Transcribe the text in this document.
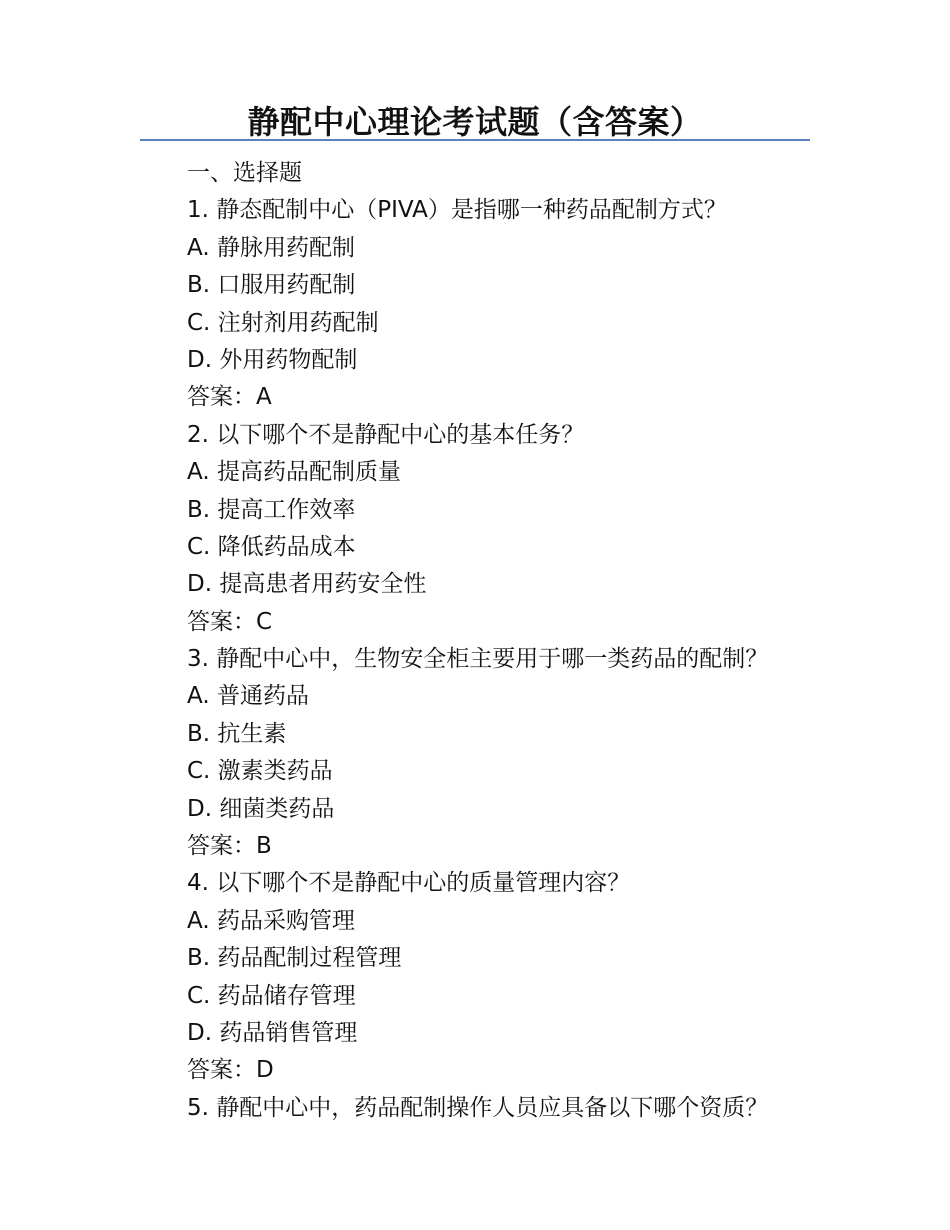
静配中心理论考试题（含答案）

一、选择题

1. 静态配制中心（PIVA）是指哪一种药品配制方式？

A. 静脉用药配制

B. 口服用药配制

C. 注射剂用药配制

D. 外用药物配制

答案：A

2. 以下哪个不是静配中心的基本任务？

A. 提高药品配制质量

B. 提高工作效率

C. 降低药品成本

D. 提高患者用药安全性

答案：C

3. 静配中心中，生物安全柜主要用于哪一类药品的配制？

A. 普通药品

B. 抗生素

C. 激素类药品

D. 细菌类药品

答案：B

4. 以下哪个不是静配中心的质量管理内容？

A. 药品采购管理

B. 药品配制过程管理

C. 药品储存管理

D. 药品销售管理

答案：D

5. 静配中心中，药品配制操作人员应具备以下哪个资质？
